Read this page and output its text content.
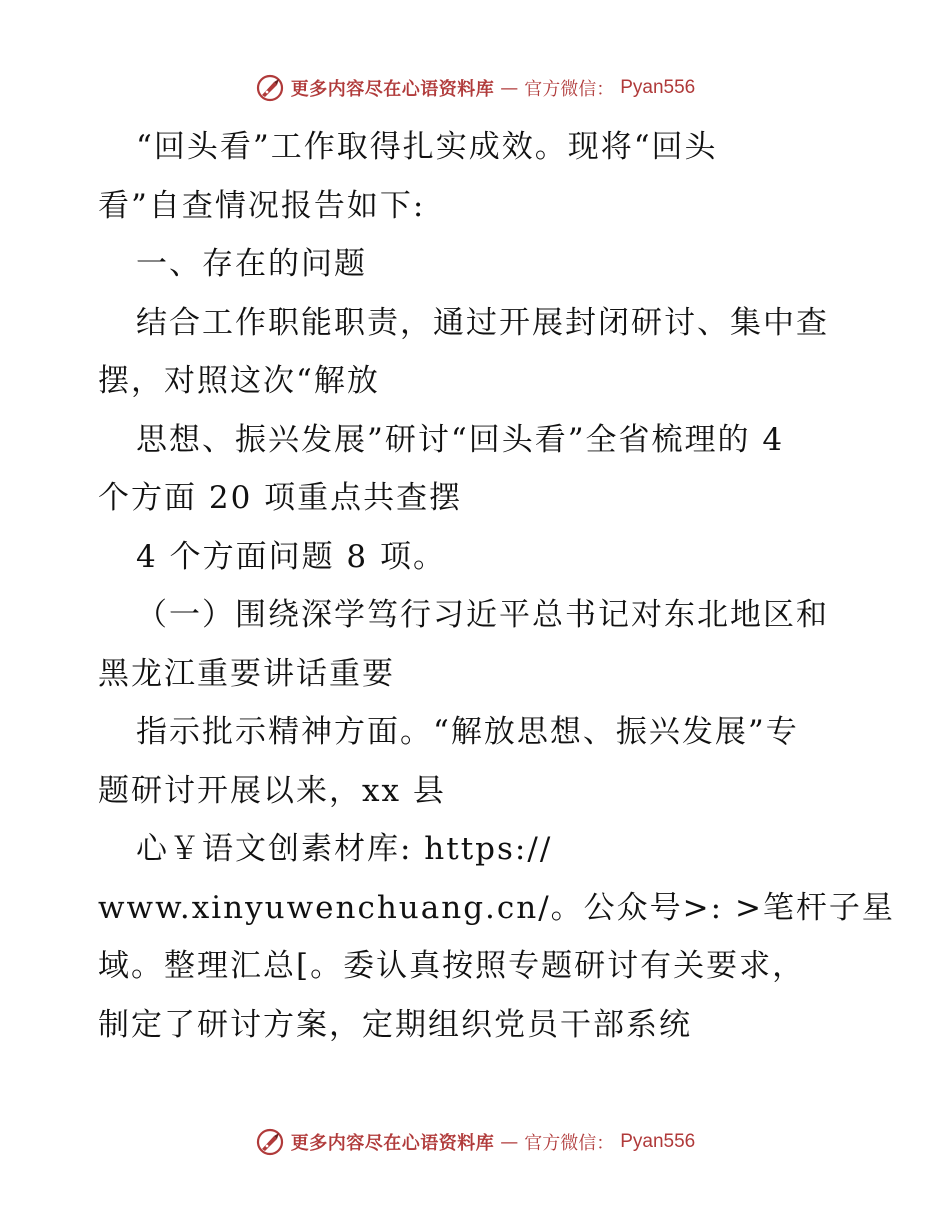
更多内容尽在心语资料库 — 官方微信： Pyan556
“回头看”工作取得扎实成效。现将“回头
看”自查情况报告如下:
一、存在的问题
结合工作职能职责，通过开展封闭研讨、集中查
摆，对照这次“解放
思想、振兴发展”研讨“回头看”全省梳理的 4
个方面 20 项重点共查摆
4 个方面问题 8 项。
（一）围绕深学笃行习近平总书记对东北地区和
黑龙江重要讲话重要
指示批示精神方面。“解放思想、振兴发展”专
题研讨开展以来，xx 县
心￥语文创素材库: https://
www.xinyuwenchuang.cn/。公众号>: >笔杆子星
域。整理汇总[。委认真按照专题研讨有关要求，
制定了研讨方案，定期组织党员干部系统
更多内容尽在心语资料库 — 官方微信： Pyan556
